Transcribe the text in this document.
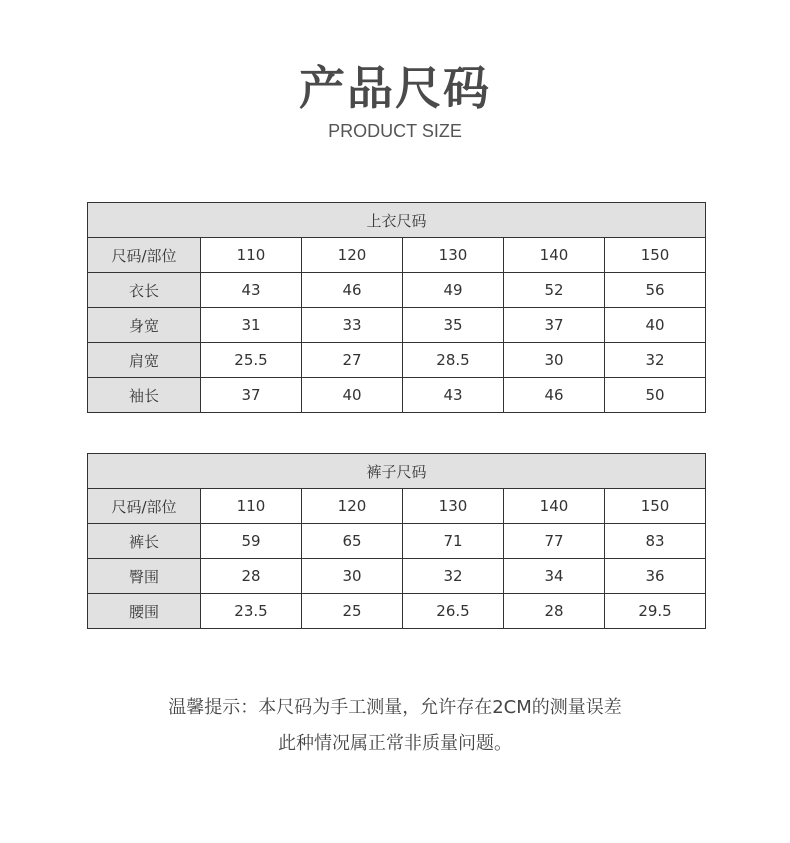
产品尺码
PRODUCT SIZE
上衣尺码					
尺码/部位	110	120	130	140	150
衣长	43	46	49	52	56
身宽	31	33	35	37	40
肩宽	25.5	27	28.5	30	32
袖长	37	40	43	46	50
裤子尺码					
尺码/部位	110	120	130	140	150
裤长	59	65	71	77	83
臀围	28	30	32	34	36
腰围	23.5	25	26.5	28	29.5
温馨提示：本尺码为手工测量，允许存在2CM的测量误差
此种情况属正常非质量问题。
